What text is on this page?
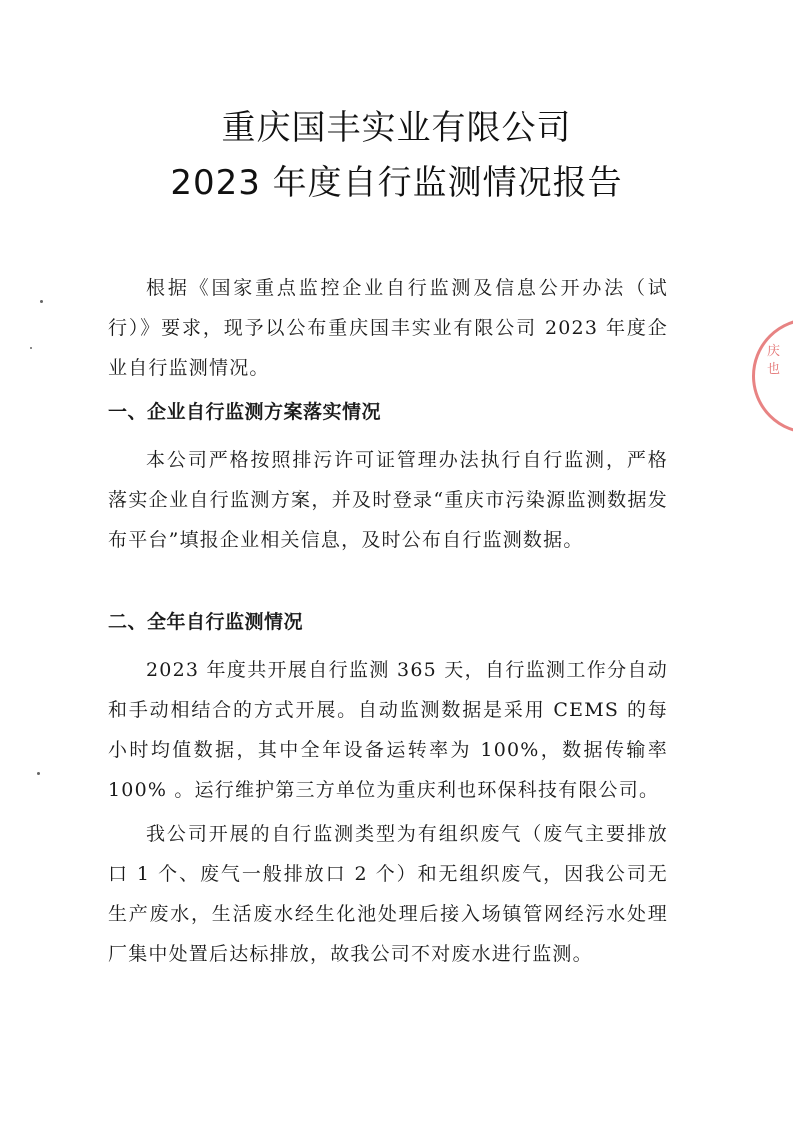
重庆国丰实业有限公司
2023 年度自行监测情况报告

根据《国家重点监控企业自行监测及信息公开办法（试行）》要求，现予以公布重庆国丰实业有限公司 2023 年度企业自行监测情况。

一、企业自行监测方案落实情况

本公司严格按照排污许可证管理办法执行自行监测，严格落实企业自行监测方案，并及时登录“重庆市污染源监测数据发布平台”填报企业相关信息，及时公布自行监测数据。

二、全年自行监测情况

2023 年度共开展自行监测 365 天，自行监测工作分自动和手动相结合的方式开展。自动监测数据是采用 CEMS 的每小时均值数据，其中全年设备运转率为 100%，数据传输率 100% 。运行维护第三方单位为重庆利也环保科技有限公司。

我公司开展的自行监测类型为有组织废气（废气主要排放口 1 个、废气一般排放口 2 个）和无组织废气，因我公司无生产废水，生活废水经生化池处理后接入场镇管网经污水处理厂集中处置后达标排放，故我公司不对废水进行监测。

庆 也
